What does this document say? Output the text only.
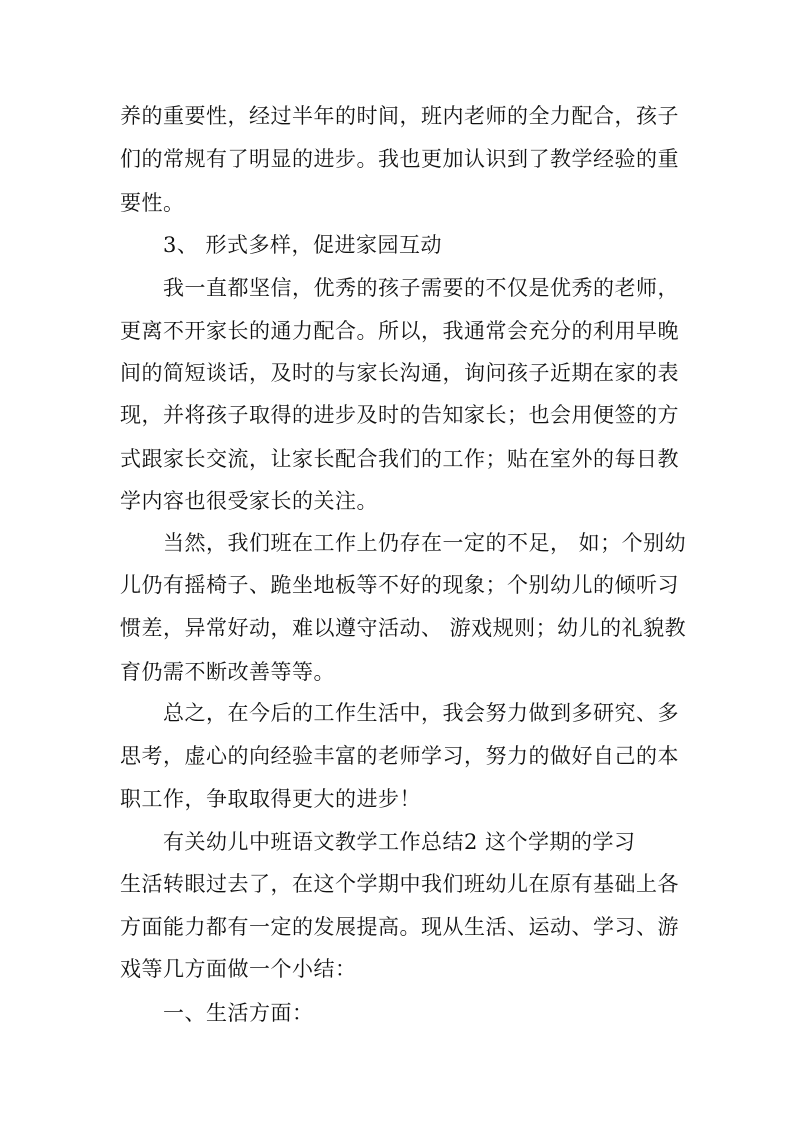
养的重要性，经过半年的时间，班内老师的全力配合，孩子
们的常规有了明显的进步。我也更加认识到了教学经验的重
要性。
3、 形式多样，促进家园互动
我一直都坚信，优秀的孩子需要的不仅是优秀的老师，
更离不开家长的通力配合。所以，我通常会充分的利用早晚
间的简短谈话，及时的与家长沟通，询问孩子近期在家的表
现，并将孩子取得的进步及时的告知家长；也会用便签的方
式跟家长交流，让家长配合我们的工作；贴在室外的每日教
学内容也很受家长的关注。
当然，我们班在工作上仍存在一定的不足， 如；个别幼
儿仍有摇椅子、跪坐地板等不好的现象；个别幼儿的倾听习
惯差，异常好动，难以遵守活动、 游戏规则；幼儿的礼貌教
育仍需不断改善等等。
总之，在今后的工作生活中，我会努力做到多研究、多
思考，虚心的向经验丰富的老师学习，努力的做好自己的本
职工作，争取取得更大的进步！
有关幼儿中班语文教学工作总结2 这个学期的学习
生活转眼过去了，在这个学期中我们班幼儿在原有基础上各
方面能力都有一定的发展提高。现从生活、运动、学习、游
戏等几方面做一个小结：
一、生活方面：
